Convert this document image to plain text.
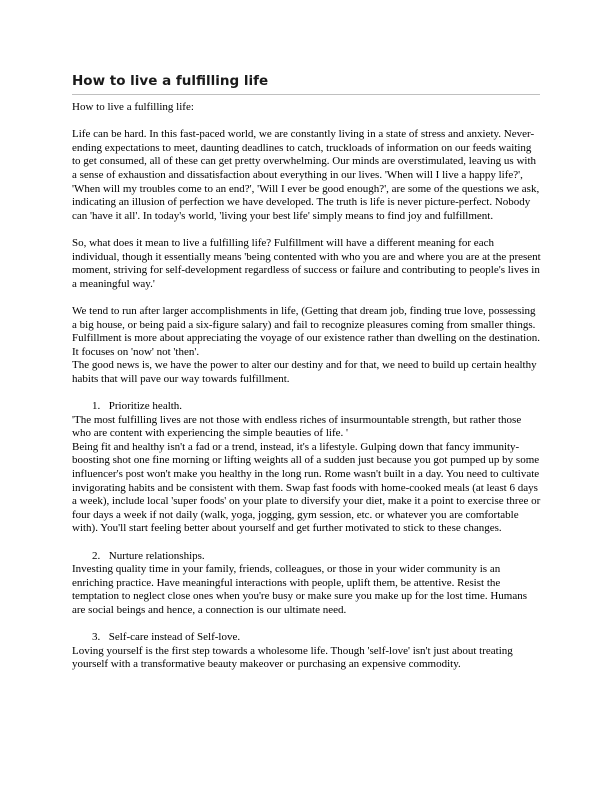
How to live a fulfilling life

How to live a fulfilling life:

Life can be hard. In this fast-paced world, we are constantly living in a state of stress and anxiety. Never-ending expectations to meet, daunting deadlines to catch, truckloads of information on our feeds waiting to get consumed, all of these can get pretty overwhelming. Our minds are overstimulated, leaving us with a sense of exhaustion and dissatisfaction about everything in our lives. 'When will I live a happy life?', 'When will my troubles come to an end?', 'Will I ever be good enough?', are some of the questions we ask, indicating an illusion of perfection we have developed. The truth is life is never picture-perfect. Nobody can 'have it all'. In today's world, 'living your best life' simply means to find joy and fulfillment.

So, what does it mean to live a fulfilling life? Fulfillment will have a different meaning for each individual, though it essentially means 'being contented with who you are and where you are at the present moment, striving for self-development regardless of success or failure and contributing to people's lives in a meaningful way.'

We tend to run after larger accomplishments in life, (Getting that dream job, finding true love, possessing a big house, or being paid a six-figure salary) and fail to recognize pleasures coming from smaller things. Fulfillment is more about appreciating the voyage of our existence rather than dwelling on the destination. It focuses on 'now' not 'then'.

The good news is, we have the power to alter our destiny and for that, we need to build up certain healthy habits that will pave our way towards fulfillment.

1. Prioritize health.

'The most fulfilling lives are not those with endless riches of insurmountable strength, but rather those who are content with experiencing the simple beauties of life. '

Being fit and healthy isn't a fad or a trend, instead, it's a lifestyle. Gulping down that fancy immunity-boosting shot one fine morning or lifting weights all of a sudden just because you got pumped up by some influencer's post won't make you healthy in the long run. Rome wasn't built in a day. You need to cultivate invigorating habits and be consistent with them. Swap fast foods with home-cooked meals (at least 6 days a week), include local 'super foods' on your plate to diversify your diet, make it a point to exercise three or four days a week if not daily (walk, yoga, jogging, gym session, etc. or whatever you are comfortable with). You'll start feeling better about yourself and get further motivated to stick to these changes.

2. Nurture relationships.

Investing quality time in your family, friends, colleagues, or those in your wider community is an enriching practice. Have meaningful interactions with people, uplift them, be attentive. Resist the temptation to neglect close ones when you're busy or make sure you make up for the lost time. Humans are social beings and hence, a connection is our ultimate need.

3. Self-care instead of Self-love.

Loving yourself is the first step towards a wholesome life. Though 'self-love' isn't just about treating yourself with a transformative beauty makeover or purchasing an expensive commodity.
